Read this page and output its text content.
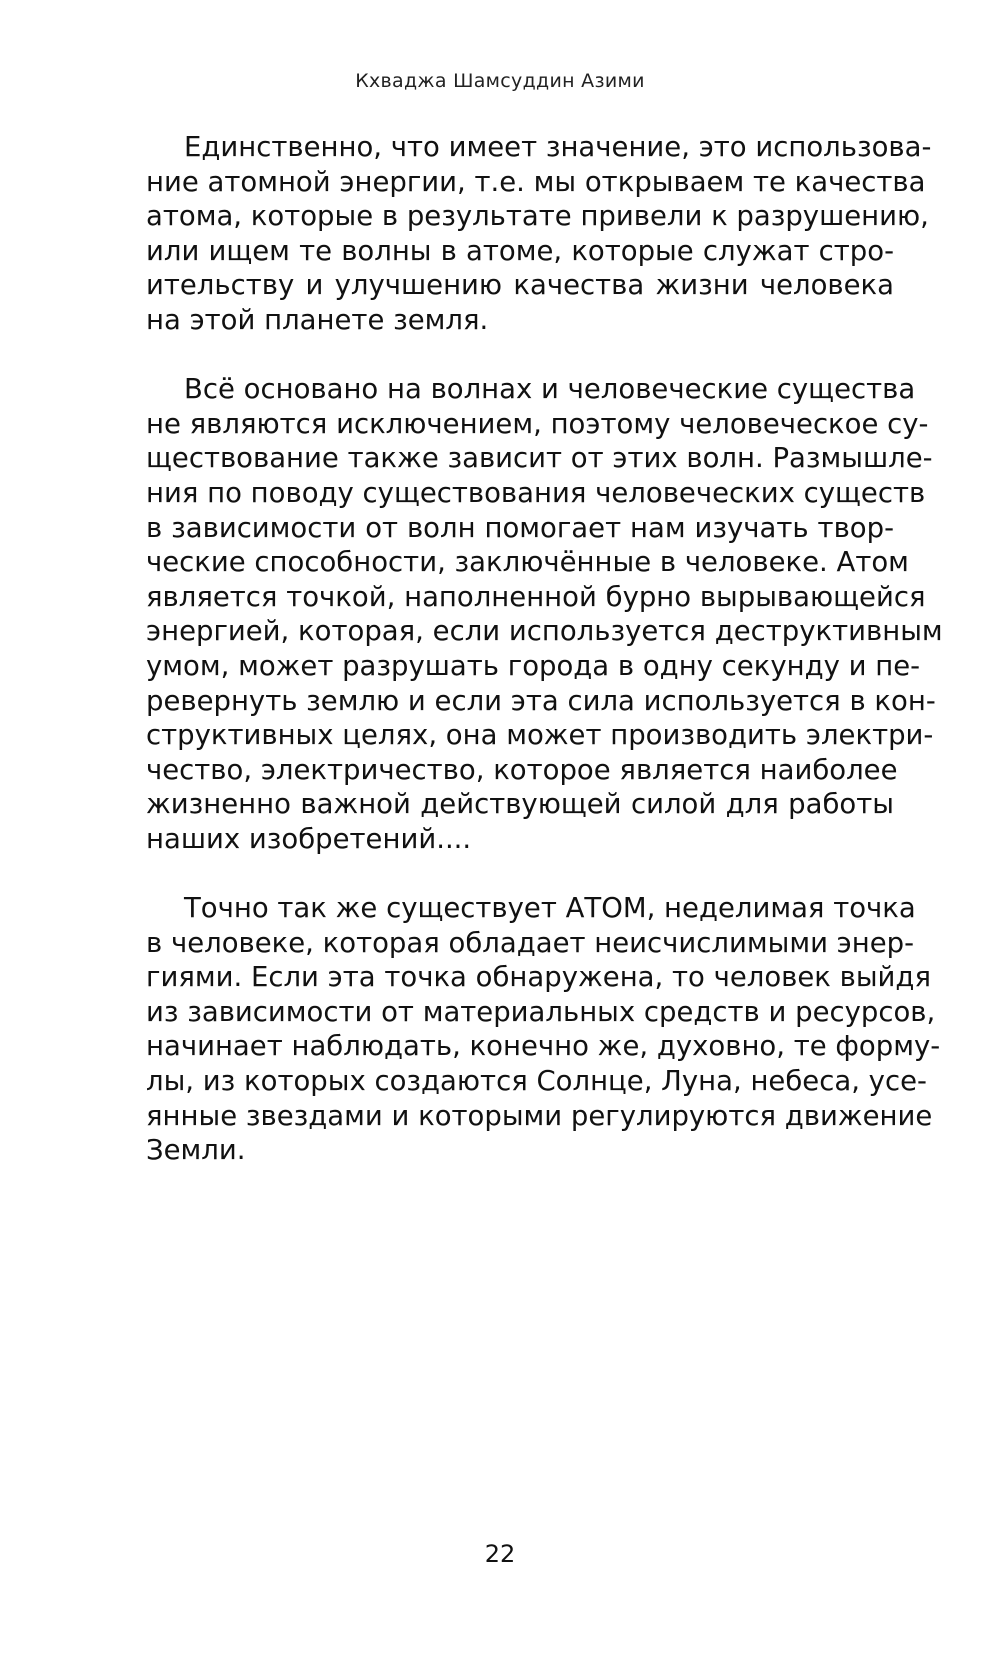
Кхваджа Шамсуддин Азими
Единственно, что имеет значение, это использова-
ние атомной энергии, т.е. мы открываем те качества
атома, которые в результате привели к разрушению,
или ищем те волны в атоме, которые служат стро-
ительству и улучшению качества жизни человека
на этой планете земля.
Всё основано на волнах и человеческие существа
не являются исключением, поэтому человеческое су-
ществование также зависит от этих волн. Размышле-
ния по поводу существования человеческих существ
в зависимости от волн помогает нам изучать твор-
ческие способности, заключённые в человеке. Атом
является точкой, наполненной бурно вырывающейся
энергией, которая, если используется деструктивным
умом, может разрушать города в одну секунду и пе-
ревернуть землю и если эта сила используется в кон-
структивных целях, она может производить электри-
чество, электричество, которое является наиболее
жизненно важной действующей силой для работы
наших изобретений....
Точно так же существует АТОМ, неделимая точка
в человеке, которая обладает неисчислимыми энер-
гиями. Если эта точка обнаружена, то человек выйдя
из зависимости от материальных средств и ресурсов,
начинает наблюдать, конечно же, духовно, те форму-
лы, из которых создаются Солнце, Луна, небеса, усе-
янные звездами и которыми регулируются движение
Земли.
22
